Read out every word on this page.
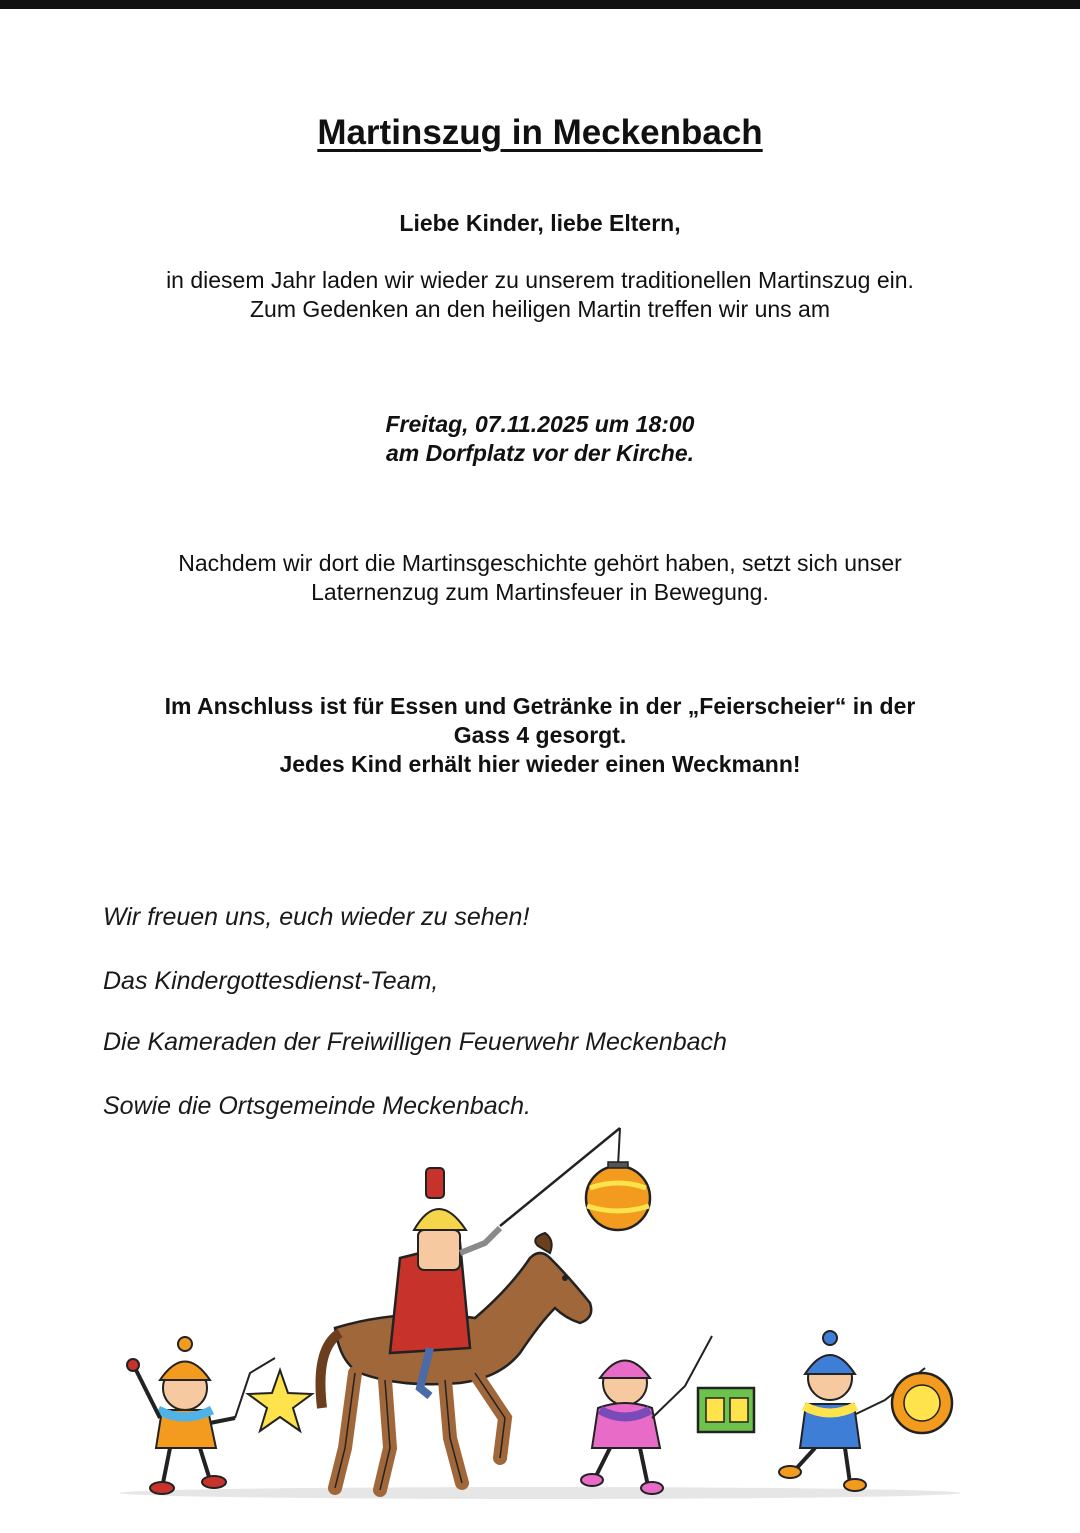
Martinszug in Meckenbach
Liebe Kinder, liebe Eltern,
in diesem Jahr laden wir wieder zu unserem traditionellen Martinszug ein.
Zum Gedenken an den heiligen Martin treffen wir uns am
Freitag, 07.11.2025 um 18:00
am Dorfplatz vor der Kirche.
Nachdem wir dort die Martinsgeschichte gehört haben, setzt sich unser
Laternenzug zum Martinsfeuer in Bewegung.
Im Anschluss ist für Essen und Getränke in der „Feierscheier“ in der
Gass 4 gesorgt.
Jedes Kind erhält hier wieder einen Weckmann!
Wir freuen uns, euch wieder zu sehen!
Das Kindergottesdienst-Team,
Die Kameraden der Freiwilligen Feuerwehr Meckenbach
Sowie die Ortsgemeinde Meckenbach.
